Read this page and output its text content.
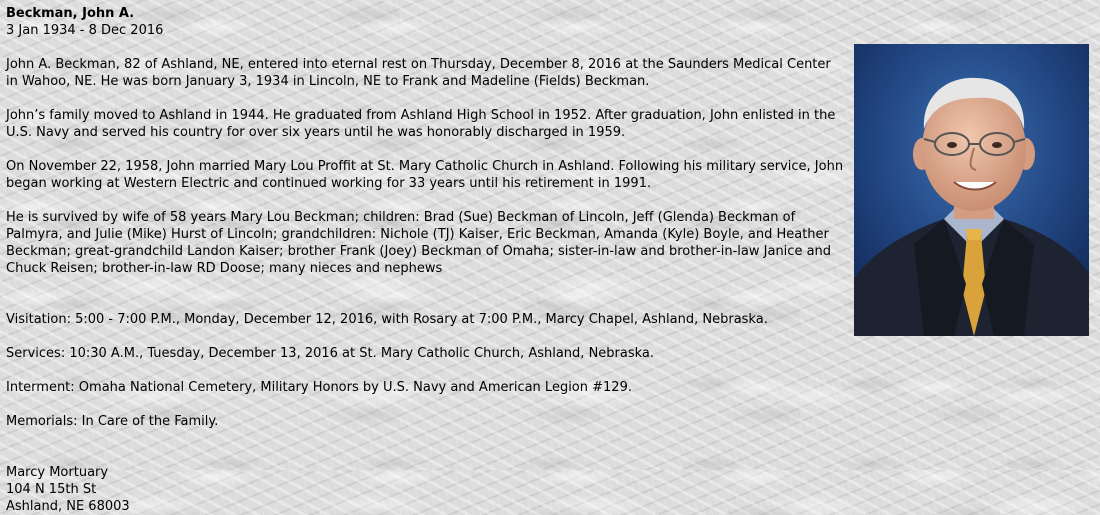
Beckman, John A.
3 Jan 1934 - 8 Dec 2016

John A. Beckman, 82 of Ashland, NE, entered into eternal rest on Thursday, December 8, 2016 at the Saunders Medical Center in Wahoo, NE. He was born January 3, 1934 in Lincoln, NE to Frank and Madeline (Fields) Beckman.

John’s family moved to Ashland in 1944. He graduated from Ashland High School in 1952. After graduation, John enlisted in the U.S. Navy and served his country for over six years until he was honorably discharged in 1959.

On November 22, 1958, John married Mary Lou Proffit at St. Mary Catholic Church in Ashland. Following his military service, John began working at Western Electric and continued working for 33 years until his retirement in 1991.

He is survived by wife of 58 years Mary Lou Beckman; children: Brad (Sue) Beckman of Lincoln, Jeff (Glenda) Beckman of Palmyra, and Julie (Mike) Hurst of Lincoln; grandchildren: Nichole (TJ) Kaiser, Eric Beckman, Amanda (Kyle) Boyle, and Heather Beckman; great-grandchild Landon Kaiser; brother Frank (Joey) Beckman of Omaha; sister-in-law and brother-in-law Janice and Chuck Reisen; brother-in-law RD Doose; many nieces and nephews

Visitation: 5:00 - 7:00 P.M., Monday, December 12, 2016, with Rosary at 7:00 P.M., Marcy Chapel, Ashland, Nebraska.

Services: 10:30 A.M., Tuesday, December 13, 2016 at St. Mary Catholic Church, Ashland, Nebraska.

Interment: Omaha National Cemetery, Military Honors by U.S. Navy and American Legion #129.

Memorials: In Care of the Family.

Marcy Mortuary
104 N 15th St
Ashland, NE 68003
